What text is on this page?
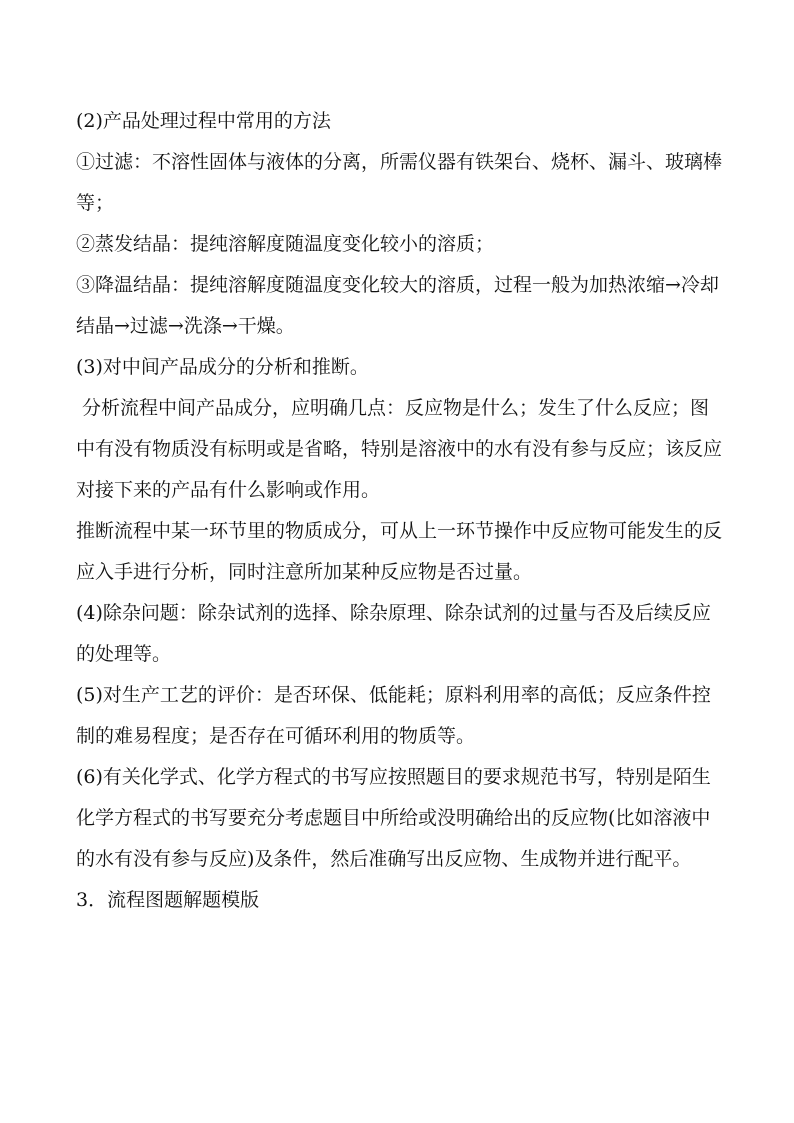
(2)产品处理过程中常用的方法

①过滤：不溶性固体与液体的分离，所需仪器有铁架台、烧杯、漏斗、玻璃棒等；

②蒸发结晶：提纯溶解度随温度变化较小的溶质；

③降温结晶：提纯溶解度随温度变化较大的溶质，过程一般为加热浓缩→冷却结晶→过滤→洗涤→干燥。

(3)对中间产品成分的分析和推断。

分析流程中间产品成分，应明确几点：反应物是什么；发生了什么反应；图中有没有物质没有标明或是省略，特别是溶液中的水有没有参与反应；该反应对接下来的产品有什么影响或作用。

推断流程中某一环节里的物质成分，可从上一环节操作中反应物可能发生的反应入手进行分析，同时注意所加某种反应物是否过量。

(4)除杂问题：除杂试剂的选择、除杂原理、除杂试剂的过量与否及后续反应的处理等。

(5)对生产工艺的评价：是否环保、低能耗；原料利用率的高低；反应条件控制的难易程度；是否存在可循环利用的物质等。

(6)有关化学式、化学方程式的书写应按照题目的要求规范书写，特别是陌生化学方程式的书写要充分考虑题目中所给或没明确给出的反应物(比如溶液中的水有没有参与反应)及条件，然后准确写出反应物、生成物并进行配平。

3．流程图题解题模版
